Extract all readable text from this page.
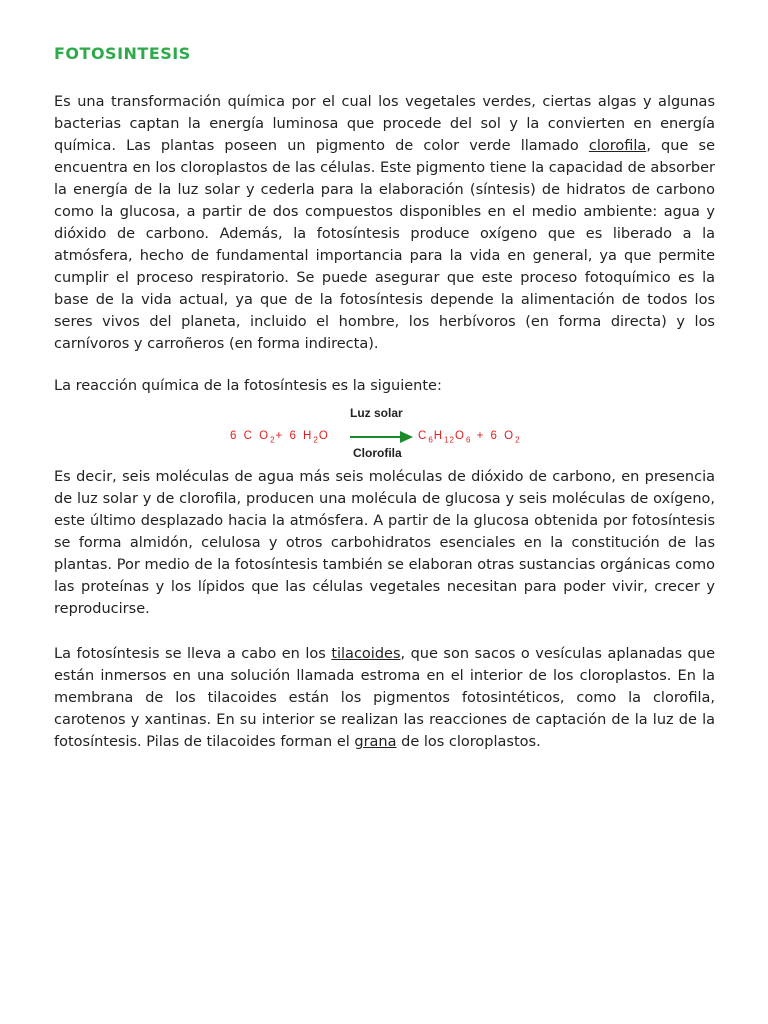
FOTOSINTESIS

Es una transformación química por el cual los vegetales verdes, ciertas algas y algunas bacterias captan la energía luminosa que procede del sol y la convierten en energía química. Las plantas poseen un pigmento de color verde llamado clorofila, que se encuentra en los cloroplastos de las células. Este pigmento tiene la capacidad de absorber la energía de la luz solar y cederla para la elaboración (síntesis) de hidratos de carbono como la glucosa, a partir de dos compuestos disponibles en el medio ambiente: agua y dióxido de carbono. Además, la fotosíntesis produce oxígeno que es liberado a la atmósfera, hecho de fundamental importancia para la vida en general, ya que permite cumplir el proceso respiratorio. Se puede asegurar que este proceso fotoquímico es la base de la vida actual, ya que de la fotosíntesis depende la alimentación de todos los seres vivos del planeta, incluido el hombre, los herbívoros (en forma directa) y los carnívoros y carroñeros (en forma indirecta).

La reacción química de la fotosíntesis es la siguiente:

Luz solar
6 C $O_2+ 6$ $H_2O \to C_6H_{12}O_6 + 6$ $O_2$
Clorofila

Es decir, seis moléculas de agua más seis moléculas de dióxido de carbono, en presencia de luz solar y de clorofila, producen una molécula de glucosa y seis moléculas de oxígeno, este último desplazado hacia la atmósfera. A partir de la glucosa obtenida por fotosíntesis se forma almidón, celulosa y otros carbohidratos esenciales en la constitución de las plantas. Por medio de la fotosíntesis también se elaboran otras sustancias orgánicas como las proteínas y los lípidos que las células vegetales necesitan para poder vivir, crecer y reproducirse.

La fotosíntesis se lleva a cabo en los tilacoides, que son sacos o vesículas aplanadas que están inmersos en una solución llamada estroma en el interior de los cloroplastos. En la membrana de los tilacoides están los pigmentos fotosintéticos, como la clorofila, carotenos y xantinas. En su interior se realizan las reacciones de captación de la luz de la fotosíntesis. Pilas de tilacoides forman el grana de los cloroplastos.
